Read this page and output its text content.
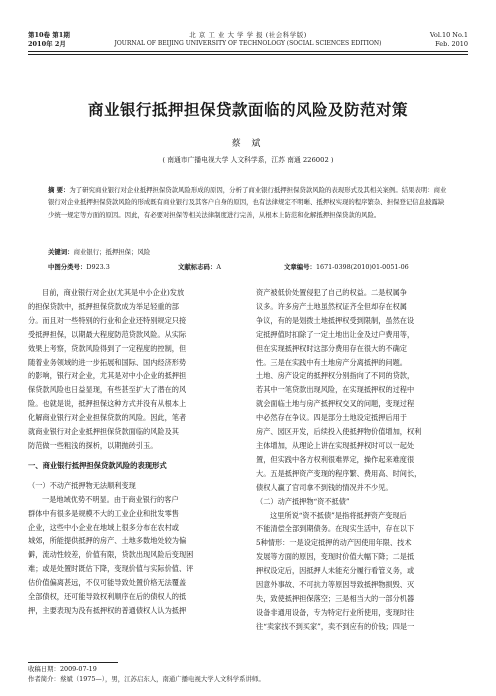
第10卷 第1期
2010年 2月
北 京 工 业 大 学 学 报 (社会科学版)
JOURNAL OF BEIJING UNIVERSITY OF TECHNOLOGY (SOCIAL SCIENCES EDITION)
Vol.10 No.1
Feb. 2010
商业银行抵押担保贷款面临的风险及防范对策
蔡 斌
( 南通市广播电视大学 人文科学系，江苏 南通 226002 )
摘 要：为了研究商业银行对企业抵押担保贷款风险形成的原因，分析了商业银行抵押担保贷款风险的表现形式及其相关案例。结果表明：商业银行对企业抵押担保贷款风险的形成既有商业银行及其客户自身的原因，也有法律规定不明晰、抵押权实现的程序繁杂、担保登记信息披露缺少统一规定等方面的原因。因此，有必要对担保等相关法律制度进行完善，从根本上防范和化解抵押担保贷款的风险。
关键词：商业银行；抵押担保；风险
中图分类号：D923.3	文献标志码：A	文章编号：1671-0398(2010)01-0051-06

目前，商业银行对企业(尤其是中小企业)发放

的担保贷款中，抵押担保贷款成为举足轻重的部

分。而且对一些特别的行业和企业还特别规定只接

受抵押担保，以期最大程度防范贷款风险。从实际

效果上考察，贷款风险得到了一定程度的控制，但

随着业务领域的进一步拓展和国际、国内经济形势

的影响，银行对企业，尤其是对中小企业的抵押担

保贷款风险也日益显现，有些甚至扩大了潜在的风

险。也就是说，抵押担保这种方式并没有从根本上

化解商业银行对企业担保贷款的风险。因此，笔者

就商业银行对企业抵押担保贷款面临的风险及其

防范做一些粗浅的探析，以期抛砖引玉。

一、商业银行抵押担保贷款风险的表现形式

（一）不动产抵押物无法顺利变现

一是地域优势不明显。由于商业银行的客户

群体中有很多是规模不大的工业企业和批发零售

企业，这些中小企业在地域上很多分布在农村或

城郊，所能提供抵押的房产、土地多数地处较为偏

僻，流动性较差，价值有限，贷款出现风险后变现困

难；或是处置时既估下降，变现价值与实际价值、评

估价值偏离甚远，不仅可能导致处置价格无法覆盖

全部债权，还可能导致权利顺序在后的债权人的抵

押，主要表现为没有抵押权的普通债权人认为抵押

资产被低价处置侵犯了自己的权益。二是权属争

议多。许多房产土地虽然权证齐全但却存在权属

争议，有的是划拨土地抵押权受到限制，虽然在设

定抵押值时扣除了一定土地出让金及过户费用等，

但在实现抵押权时这部分费用存在很大的不确定

性。三是在实践中有土地房产分离抵押的问题。

土地、房产设定的抵押权分别指向了不同的贷款，

若其中一笔贷款出现风险，在实现抵押权的过程中

就会面临土地与房产抵押权交叉的问题，变现过程

中必然存在争议。四是部分土地设定抵押后用于

房产、园区开发，后续投入使抵押物价值增加，权利

主体增加，从理论上讲在实现抵押权时可以一起处

置，但实践中各方权利很难界定，操作起来难度很

大。五是抵押资产变现的程序繁、费用高、时间长，

债权人赢了官司拿不到钱的情况并不少见。

（二）动产抵押物“资不抵债”

这里所说“资不抵债”是指将抵押资产变现后

不能清偿全部到期债务。在现实生活中，存在以下

5种情形：一是设定抵押的动产因使用年限、技术

发展等方面的原因，变现时价值大幅下降；二是抵

押权设定后，因抵押人未能充分履行看管义务，或

因意外事故、不可抗力等原因导致抵押物损毁、灭

失，致使抵押担保落空；三是相当大的一部分机器

设备非通用设备，专为特定行业所使用，变现时往

往“卖家找不到买家”，卖不到应有的价钱；四是一

收稿日期：2009-07-19
作者简介：蔡斌（1975—），男，江苏启东人，南通广播电视大学人文科学系讲师。
